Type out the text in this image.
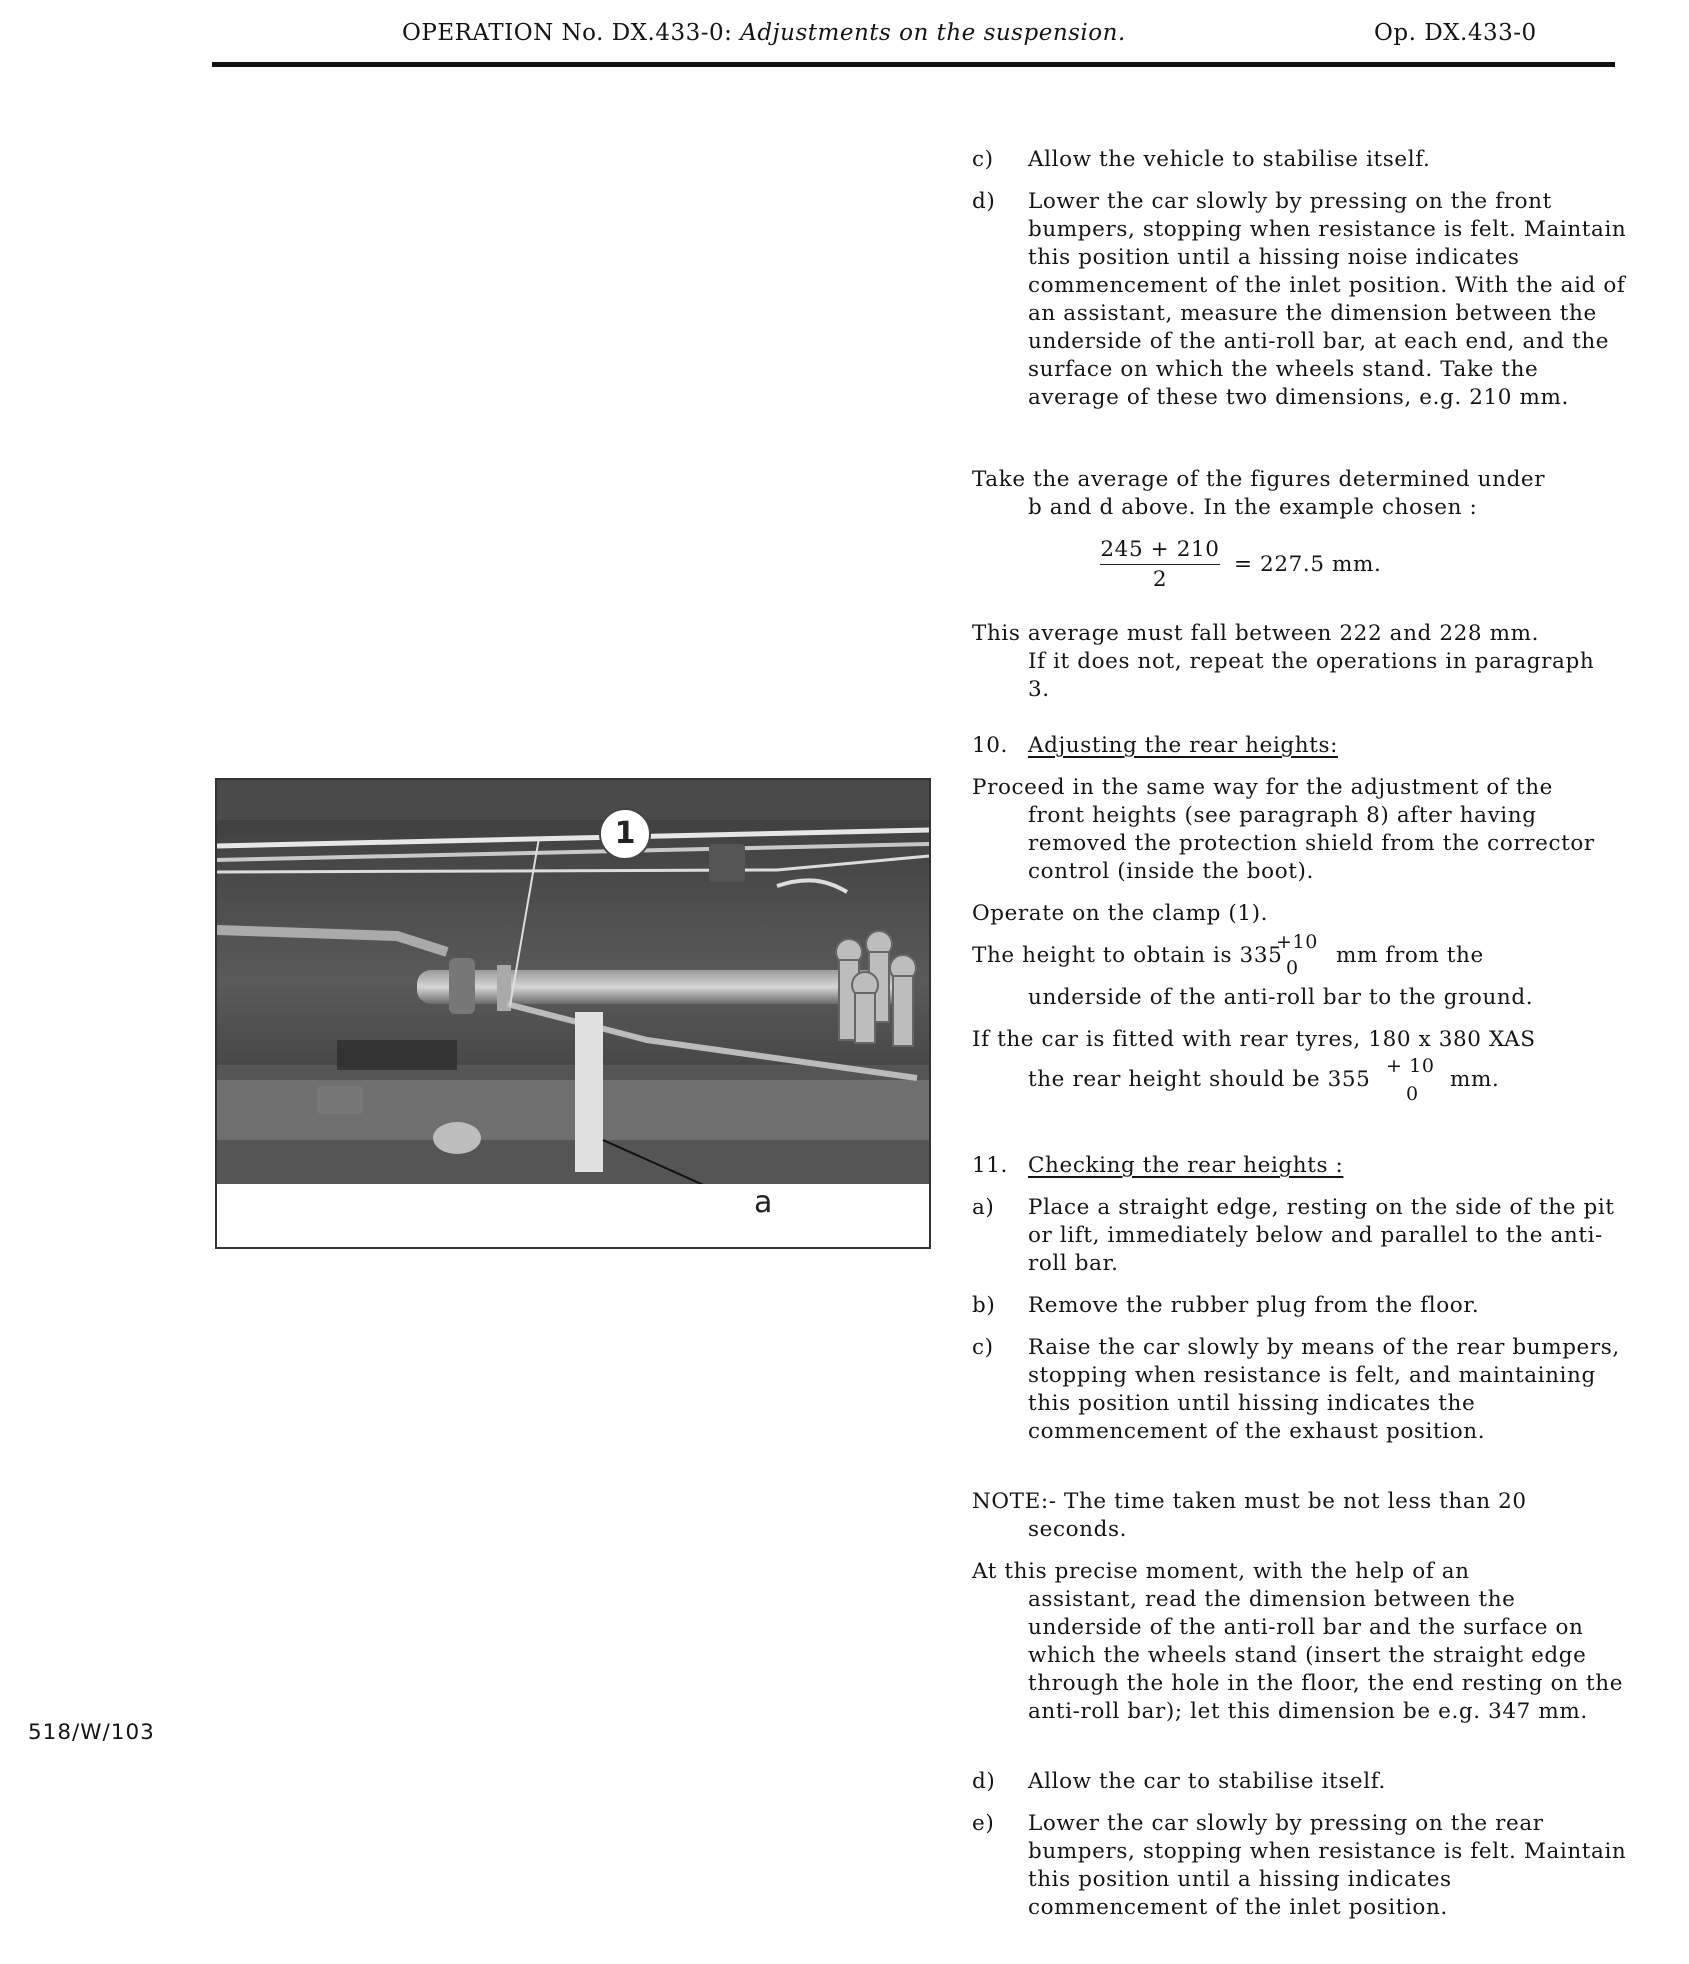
OPERATION No. DX.433-0: Adjustments on the suspension.	Op. DX.433-0
c) Allow the vehicle to stabilise itself.
d) Lower the car slowly by pressing on the front bumpers, stopping when resistance is felt. Maintain this position until a hissing noise indicates commencement of the inlet position. With the aid of an assistant, measure the dimension between the underside of the anti-roll bar, at each end, and the surface on which the wheels stand. Take the average of these two dimensions, e.g. 210 mm.
Take the average of the figures determined under
b and d above. In the example chosen :
245 + 210
2
= 227.5 mm.
This average must fall between 222 and 228 mm.
If it does not, repeat the operations in paragraph 3.
10. Adjusting the rear heights:
Proceed in the same way for the adjustment of the
front heights (see paragraph 8) after having removed the protection shield from the corrector control (inside the boot).
Operate on the clamp (1).
The height to obtain is 335
+10
0 mm from the
underside of the anti-roll bar to the ground.
If the car is fitted with rear tyres, 180 x 380 XAS
the rear height should be 355
+ 10
0
mm.
11. Checking the rear heights :
a) Place a straight edge, resting on the side of the pit or lift, immediately below and parallel to the anti-roll bar.
b) Remove the rubber plug from the floor.
c) Raise the car slowly by means of the rear bumpers, stopping when resistance is felt, and maintaining this position until hissing indicates the commencement of the exhaust position.
NOTE:- The time taken must be not less than 20
seconds.
At this precise moment, with the help of an
assistant, read the dimension between the underside of the anti-roll bar and the surface on which the wheels stand (insert the straight edge through the hole in the floor, the end resting on the anti-roll bar); let this dimension be e.g. 347 mm.
d) Allow the car to stabilise itself.
e) Lower the car slowly by pressing on the rear bumpers, stopping when resistance is felt. Maintain this position until a hissing indicates commencement of the inlet position.
1
a
518/W/103
